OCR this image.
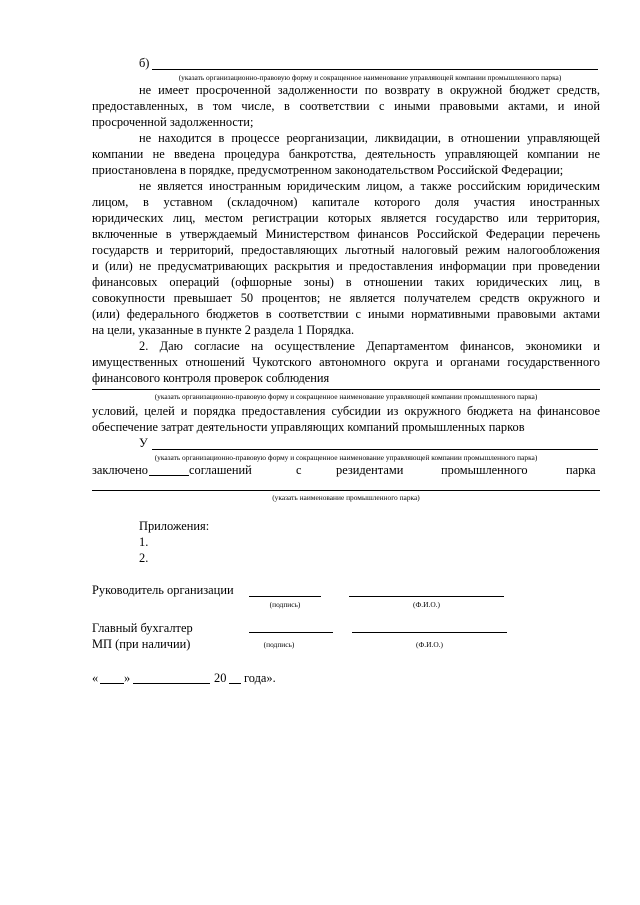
б)
(указать организационно-правовую форму и сокращенное наименование управляющей компании промышленного парка)
не имеет просроченной задолженности по возврату в окружной бюджет средств,
предоставленных, в том числе, в соответствии с иными правовыми актами, и иной
просроченной задолженности;
не находится в процессе реорганизации, ликвидации, в отношении управляющей
компании не введена процедура банкротства, деятельность управляющей компании не
приостановлена в порядке, предусмотренном законодательством Российской Федерации;
не является иностранным юридическим лицом, а также российским юридическим
лицом, в уставном (складочном) капитале которого доля участия иностранных
юридических лиц, местом регистрации которых является государство или территория,
включенные в утверждаемый Министерством финансов Российской Федерации перечень
государств и территорий, предоставляющих льготный налоговый режим налогообложения
и (или) не предусматривающих раскрытия и предоставления информации при проведении
финансовых операций (офшорные зоны) в отношении таких юридических лиц, в
совокупности превышает 50 процентов; не является получателем средств окружного и
(или) федерального бюджетов в соответствии с иными нормативными правовыми актами
на цели, указанные в пункте 2 раздела 1 Порядка.
2. Даю согласие на осуществление Департаментом финансов, экономики и
имущественных отношений Чукотского автономного округа и органами государственного
финансового контроля проверок соблюдения
(указать организационно-правовую форму и сокращенное наименование управляющей компании промышленного парка)
условий, целей и порядка предоставления субсидии из окружного бюджета на финансовое
обеспечение затрат деятельности управляющих компаний промышленных парков
У
(указать организационно-правовую форму и сокращенное наименование управляющей компании промышленного парка)
заключено	соглашений	с	резидентами	промышленного	парка
(указать наименование промышленного парка)
Приложения:
1.
2.
Руководитель организации
(подпись)	(Ф.И.О.)
Главный бухгалтер
МП (при наличии)	(подпись)	(Ф.И.О.)
« »	20 года».
